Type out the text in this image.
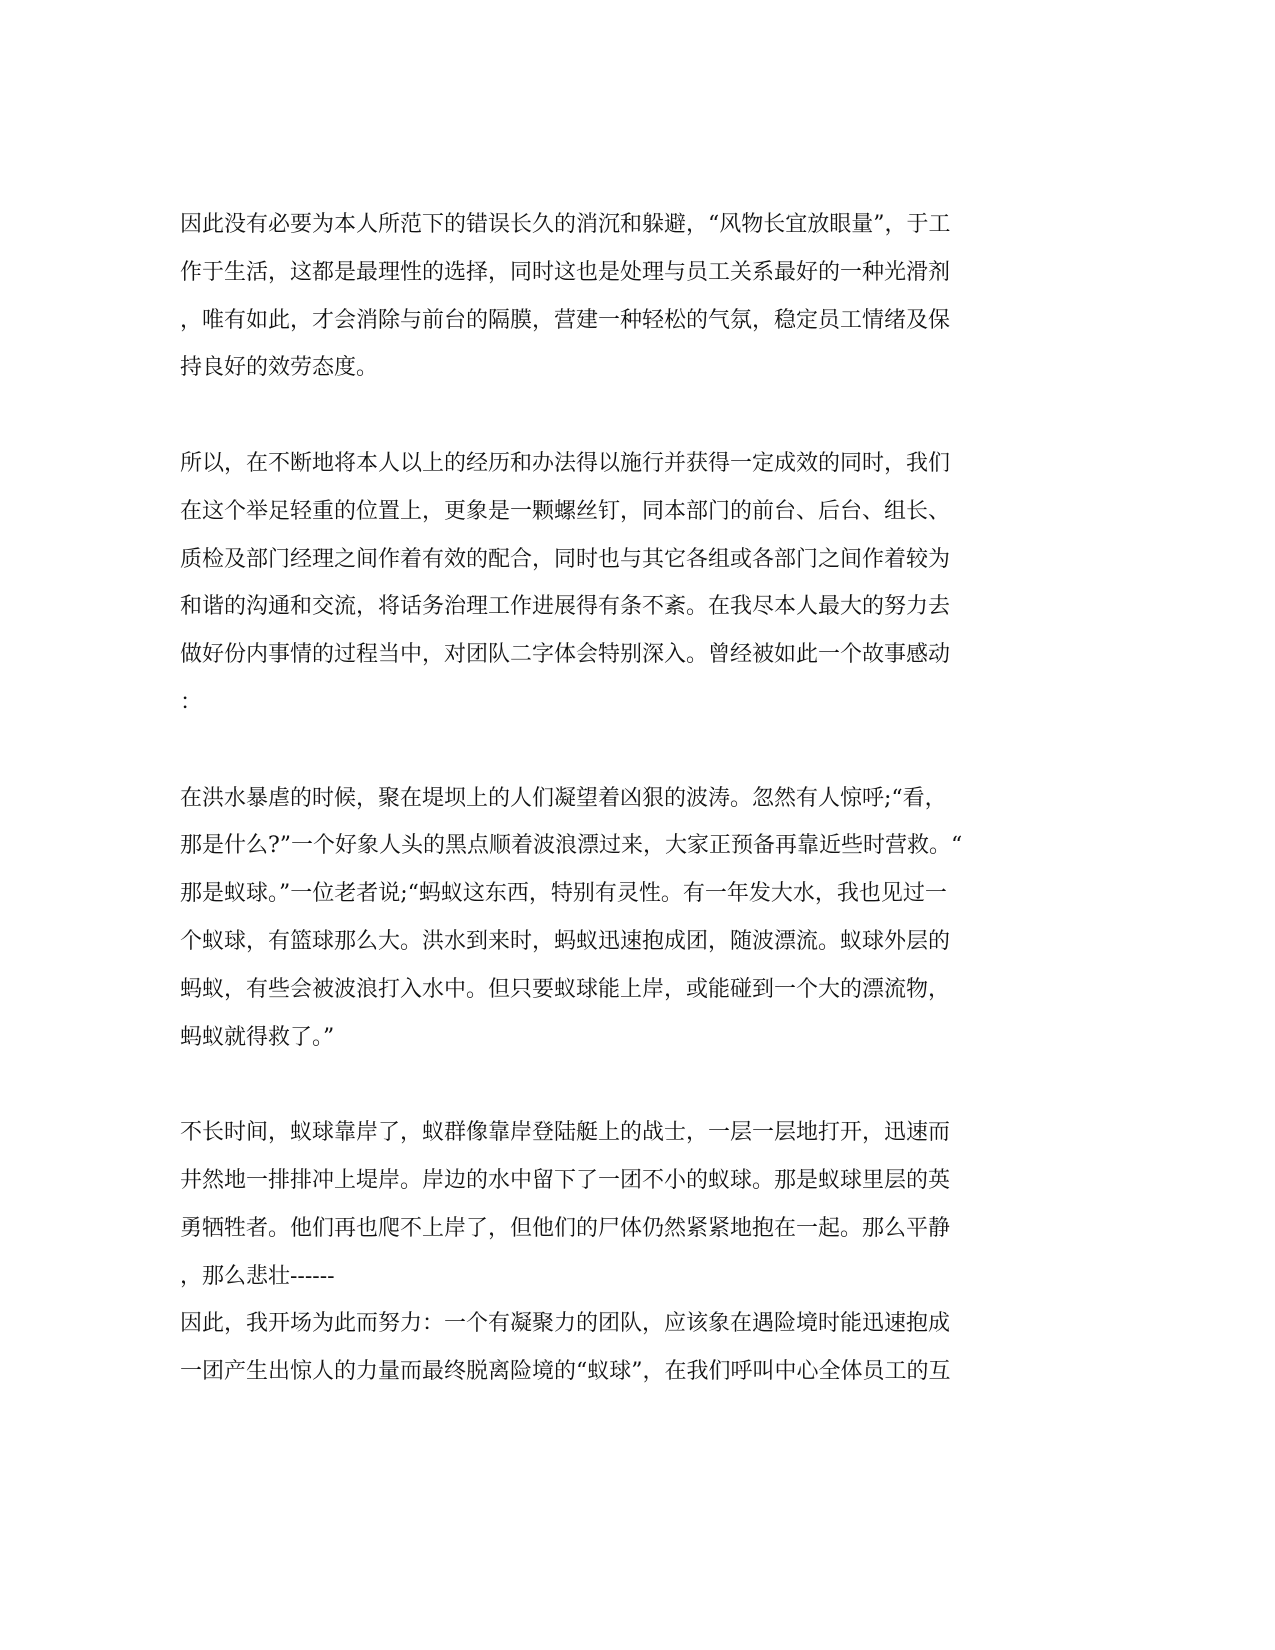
因此没有必要为本人所范下的错误长久的消沉和躲避，“风物长宜放眼量”，于工
作于生活，这都是最理性的选择，同时这也是处理与员工关系最好的一种光滑剂
，唯有如此，才会消除与前台的隔膜，营建一种轻松的气氛，稳定员工情绪及保
持良好的效劳态度。
所以，在不断地将本人以上的经历和办法得以施行并获得一定成效的同时，我们
在这个举足轻重的位置上，更象是一颗螺丝钉，同本部门的前台、后台、组长、
质检及部门经理之间作着有效的配合，同时也与其它各组或各部门之间作着较为
和谐的沟通和交流，将话务治理工作进展得有条不紊。在我尽本人最大的努力去
做好份内事情的过程当中，对团队二字体会特别深入。曾经被如此一个故事感动
：
在洪水暴虐的时候，聚在堤坝上的人们凝望着凶狠的波涛。忽然有人惊呼;“看，
那是什么?”一个好象人头的黑点顺着波浪漂过来，大家正预备再靠近些时营救。“
那是蚁球。”一位老者说;“蚂蚁这东西，特别有灵性。有一年发大水，我也见过一
个蚁球，有篮球那么大。洪水到来时，蚂蚁迅速抱成团，随波漂流。蚁球外层的
蚂蚁，有些会被波浪打入水中。但只要蚁球能上岸，或能碰到一个大的漂流物，
蚂蚁就得救了。”
不长时间，蚁球靠岸了，蚁群像靠岸登陆艇上的战士，一层一层地打开，迅速而
井然地一排排冲上堤岸。岸边的水中留下了一团不小的蚁球。那是蚁球里层的英
勇牺牲者。他们再也爬不上岸了，但他们的尸体仍然紧紧地抱在一起。那么平静
，那么悲壮------
因此，我开场为此而努力：一个有凝聚力的团队，应该象在遇险境时能迅速抱成
一团产生出惊人的力量而最终脱离险境的“蚁球”，在我们呼叫中心全体员工的互
